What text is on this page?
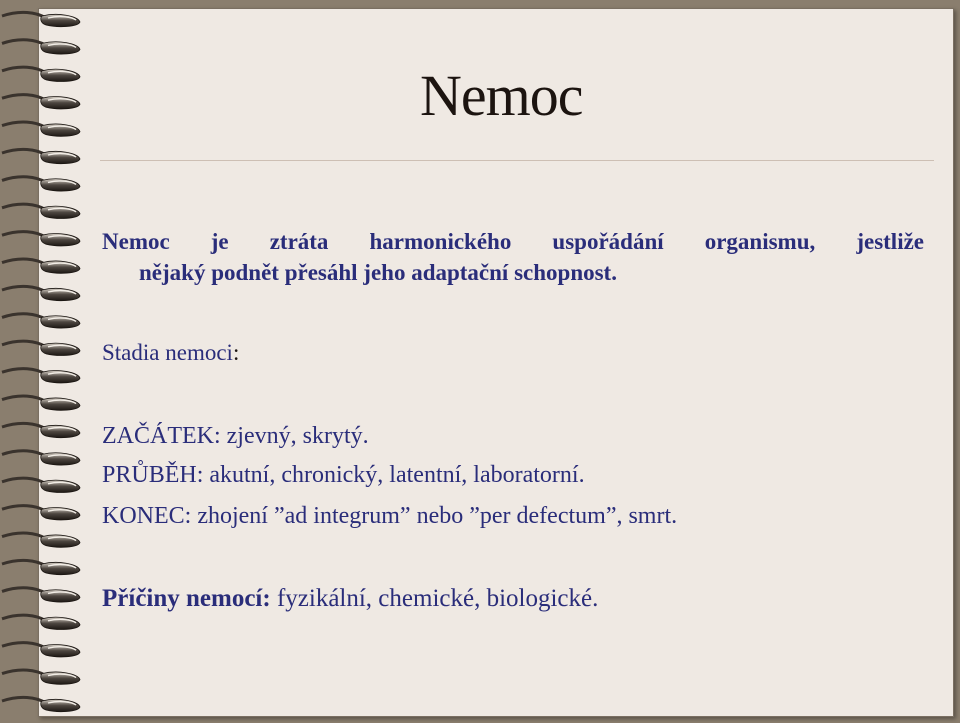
Nemoc
Nemoc je ztráta harmonického uspořádání organismu, jestliže
nějaký podnět přesáhl jeho adaptační schopnost.
Stadia nemoci:
ZAČÁTEK: zjevný, skrytý.
PRŮBĚH: akutní, chronický, latentní, laboratorní.
KONEC: zhojení ”ad integrum” nebo ”per defectum”, smrt.
Příčiny nemocí: fyzikální, chemické, biologické.
